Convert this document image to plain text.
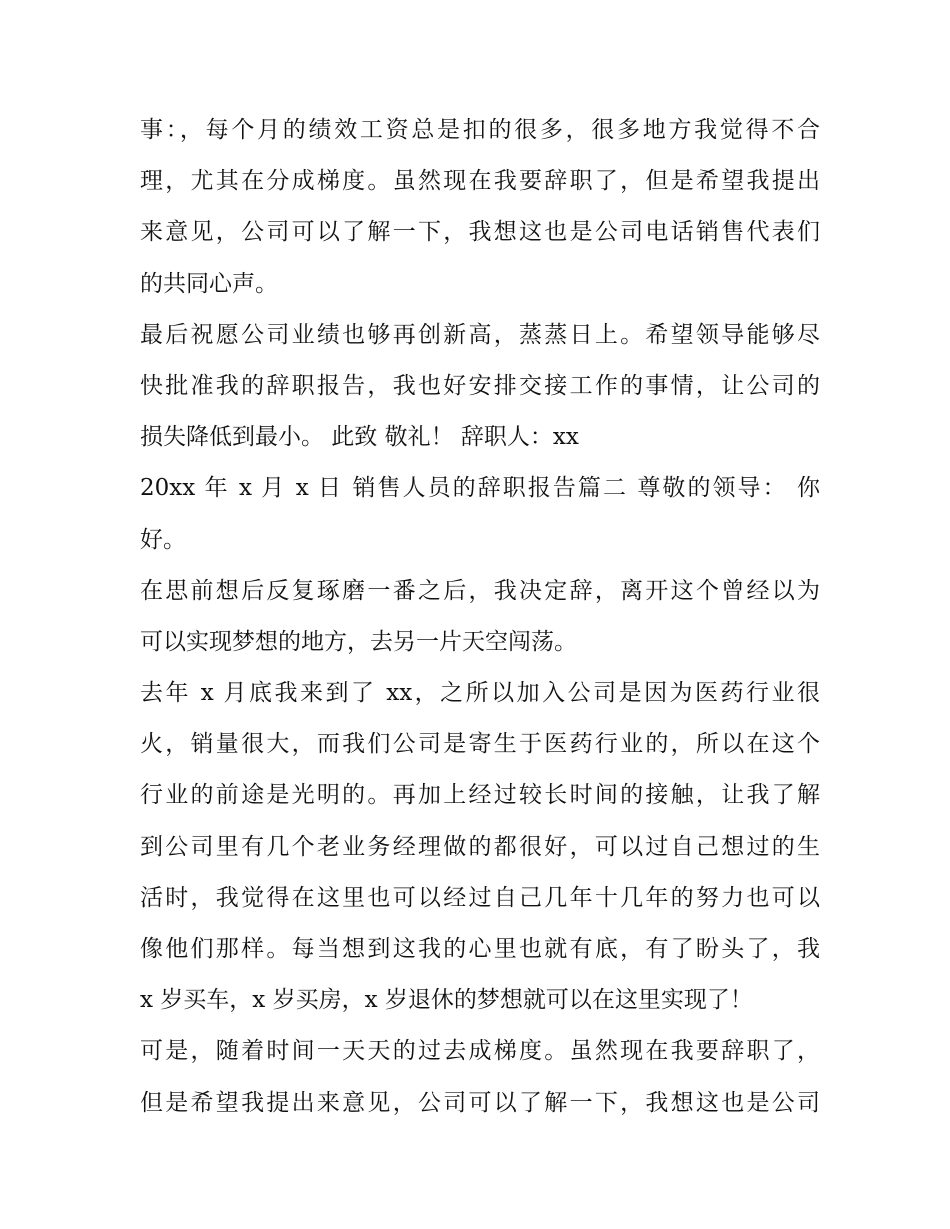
事：，每个月的绩效工资总是扣的很多，很多地方我觉得不合
理，尤其在分成梯度。虽然现在我要辞职了，但是希望我提出
来意见，公司可以了解一下，我想这也是公司电话销售代表们
的共同心声。
最后祝愿公司业绩也够再创新高，蒸蒸日上。希望领导能够尽
快批准我的辞职报告，我也好安排交接工作的事情，让公司的
损失降低到最小。 此致 敬礼！ 辞职人：xx
20xx 年 x 月 x 日 销售人员的辞职报告篇二 尊敬的领导： 你
好。
在思前想后反复琢磨一番之后，我决定辞，离开这个曾经以为
可以实现梦想的地方，去另一片天空闯荡。
去年 x 月底我来到了 xx，之所以加入公司是因为医药行业很
火，销量很大，而我们公司是寄生于医药行业的，所以在这个
行业的前途是光明的。再加上经过较长时间的接触，让我了解
到公司里有几个老业务经理做的都很好，可以过自己想过的生
活时，我觉得在这里也可以经过自己几年十几年的努力也可以
像他们那样。每当想到这我的心里也就有底，有了盼头了，我
x 岁买车，x 岁买房，x 岁退休的梦想就可以在这里实现了！
可是，随着时间一天天的过去成梯度。虽然现在我要辞职了，
但是希望我提出来意见，公司可以了解一下，我想这也是公司
